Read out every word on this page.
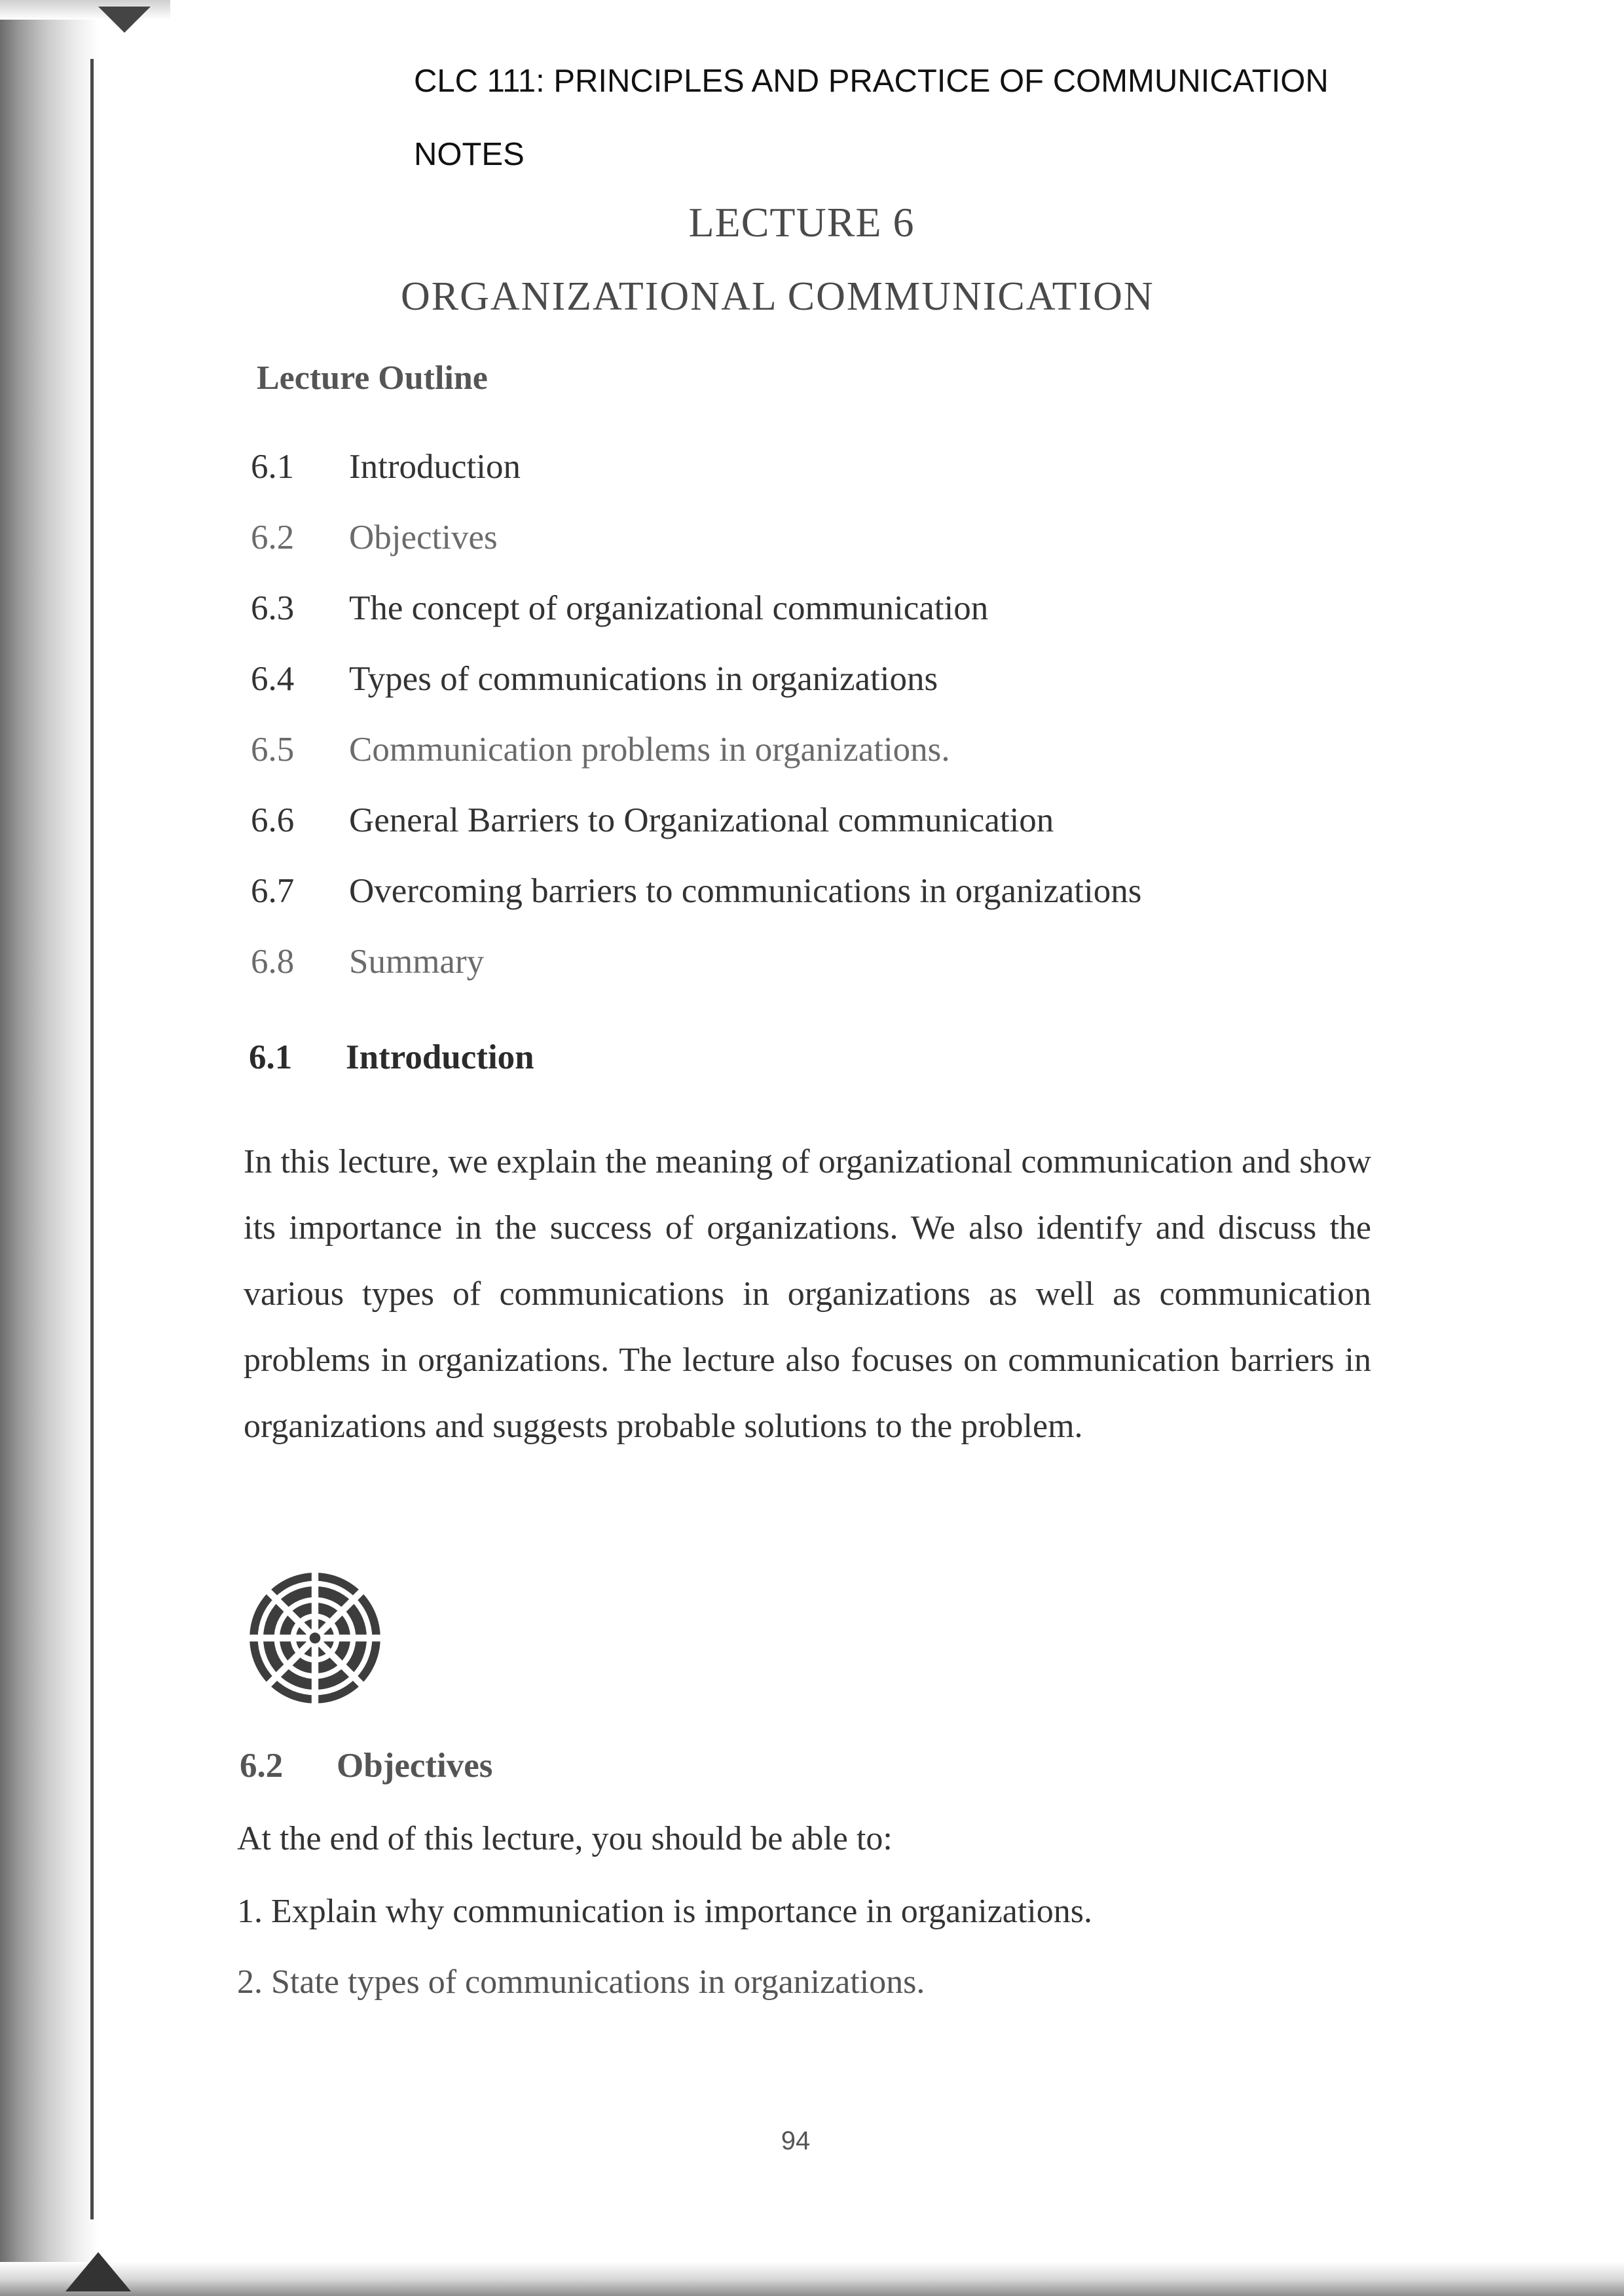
CLC 111: PRINCIPLES AND PRACTICE OF COMMUNICATION
NOTES
LECTURE 6
ORGANIZATIONAL COMMUNICATION
Lecture Outline
6.1	Introduction
6.2	Objectives
6.3	The concept of organizational communication
6.4	Types of communications in organizations
6.5	Communication problems in organizations.
6.6	General Barriers to Organizational communication
6.7	Overcoming barriers to communications in organizations
6.8	Summary
6.1 Introduction

In this lecture, we explain the meaning of organizational communication and show its importance in the success of organizations. We also identify and discuss the various types of communications in organizations as well as communication problems in organizations. The lecture also focuses on communication barriers in organizations and suggests probable solutions to the problem.

6.2 Objectives
At the end of this lecture, you should be able to:
1. Explain why communication is importance in organizations.
2. State types of communications in organizations.
94
